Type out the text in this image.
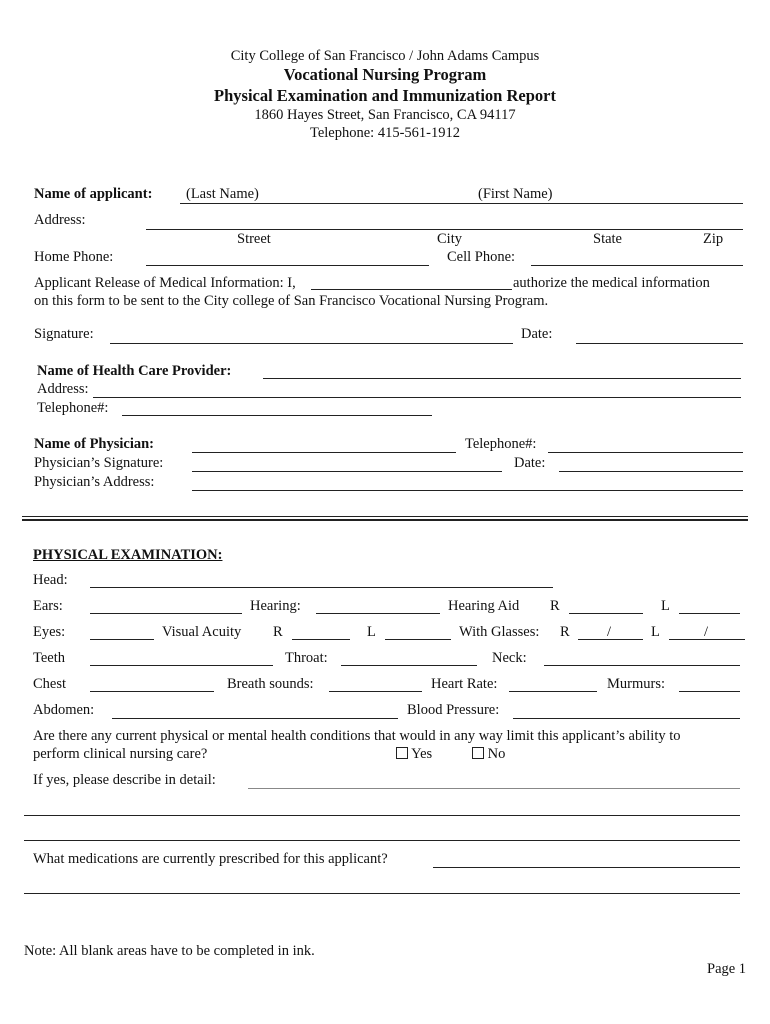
City College of San Francisco / John Adams Campus
Vocational Nursing Program
Physical Examination and Immunization Report
1860 Hayes Street, San Francisco, CA 94117
Telephone: 415-561-1912
Name of applicant: (Last Name)	(First Name)
Address:
Street	City	State	Zip
Home Phone:	Cell Phone:
Applicant Release of Medical Information: I,	authorize the medical information
on this form to be sent to the City college of San Francisco Vocational Nursing Program.
Signature:	Date:
Name of Health Care Provider:
Address:
Telephone#:
Name of Physician:	Telephone#:
Physician’s Signature:	Date:
Physician’s Address:
PHYSICAL EXAMINATION:
Head:
Ears:	Hearing:	Hearing Aid R	L
Eyes:	Visual Acuity R	L	With Glasses: R	/	L	/
Teeth	Throat:	Neck:
Chest	Breath sounds:	Heart Rate:	Murmurs:
Abdomen:	Blood Pressure:
Are there any current physical or mental health conditions that would in any way limit this applicant’s ability to
perform clinical nursing care?	Yes	No
If yes, please describe in detail:
What medications are currently prescribed for this applicant?
Note: All blank areas have to be completed in ink.
Page 1
